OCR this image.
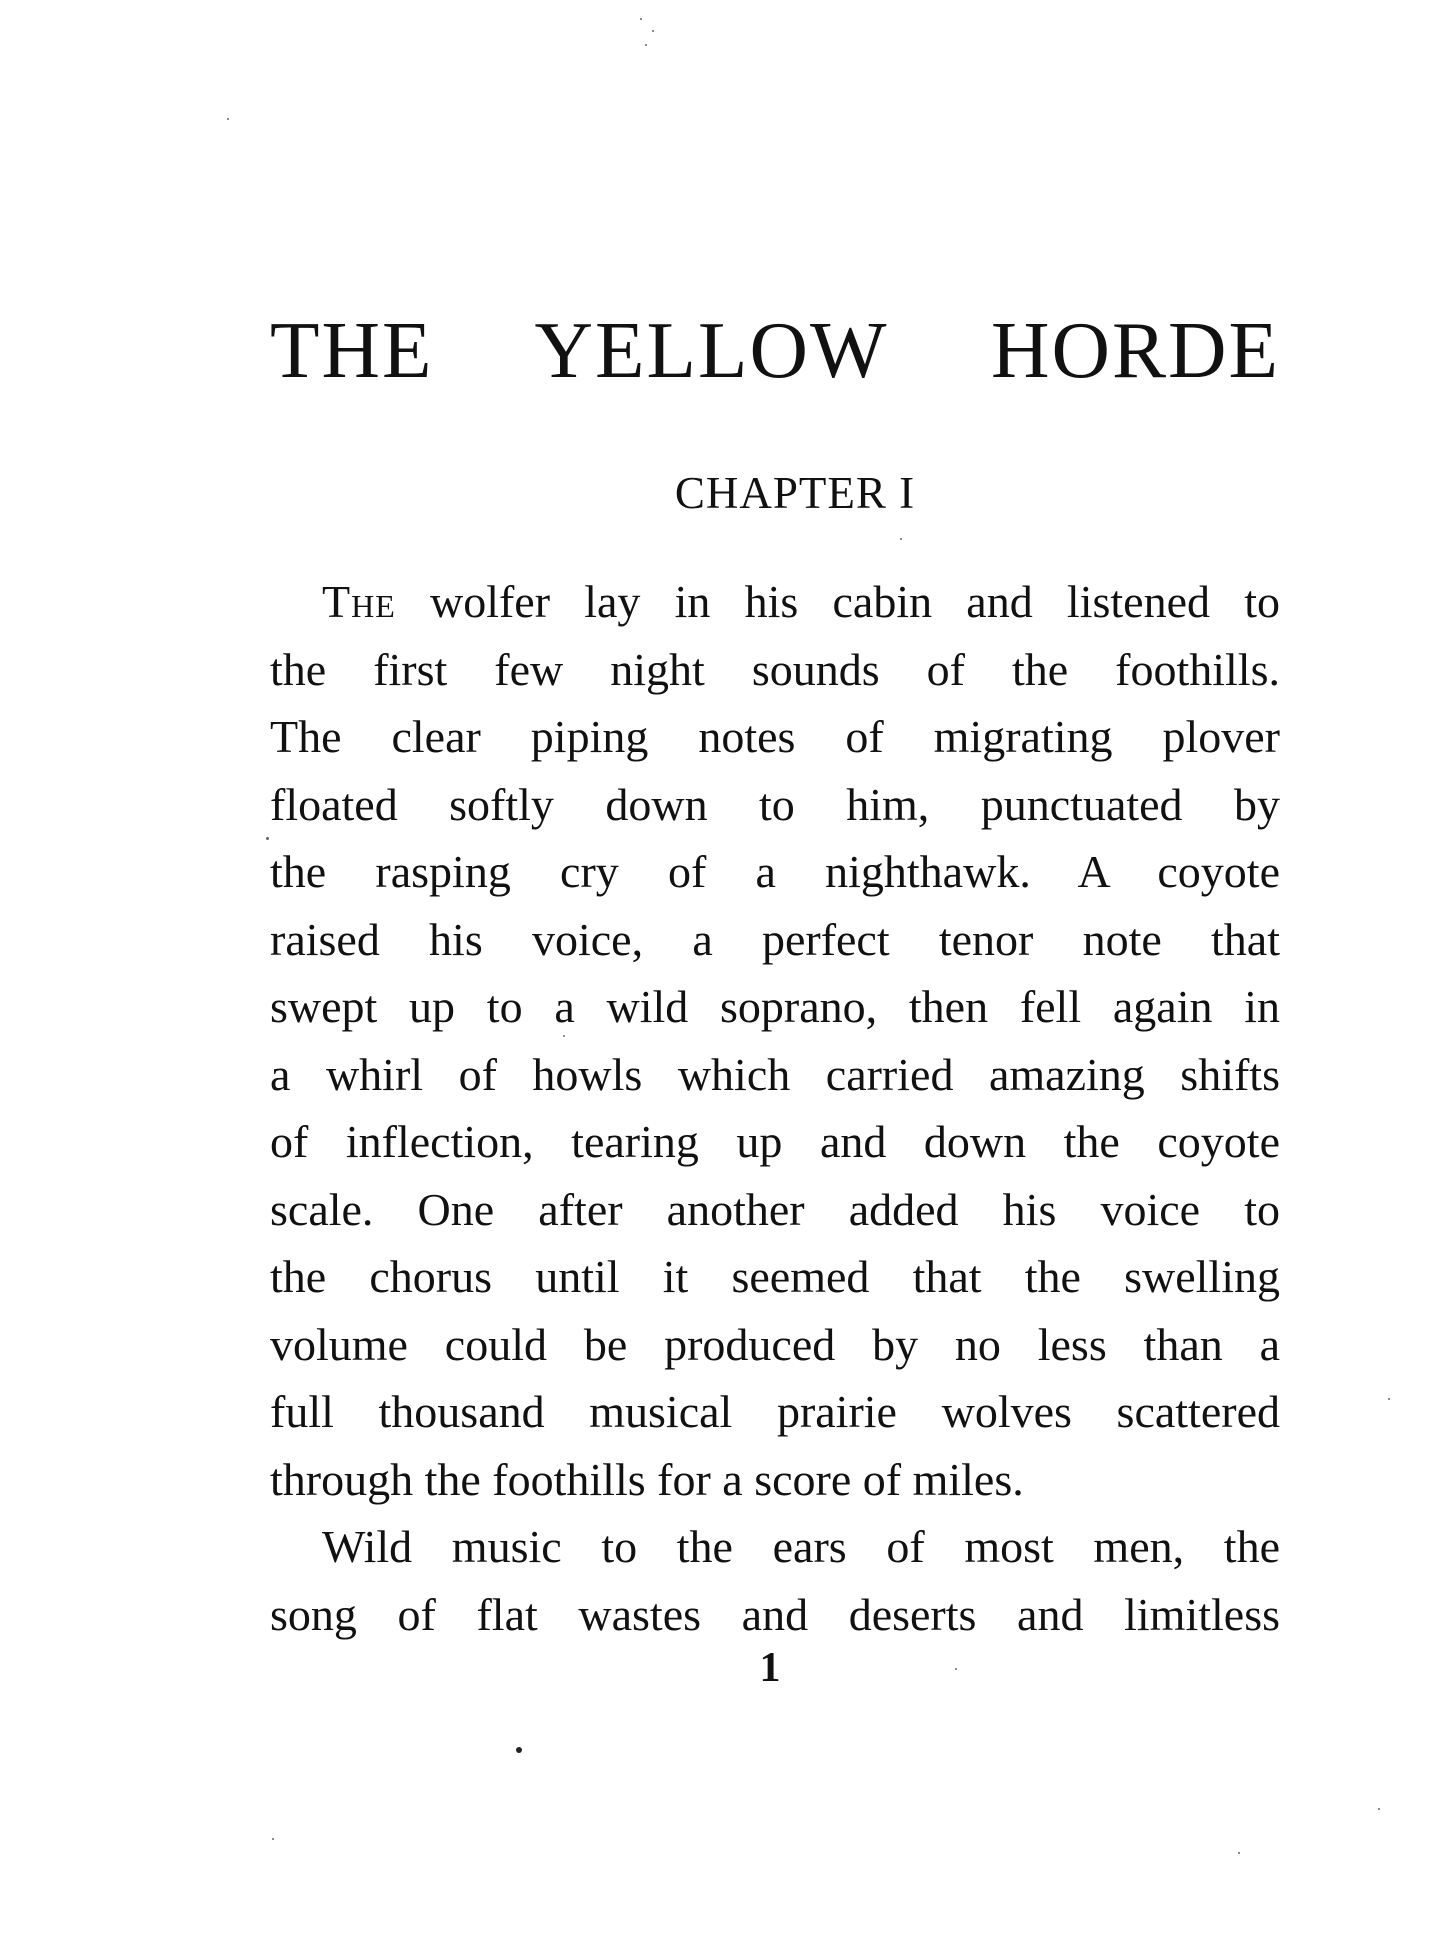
THE YELLOW HORDE
CHAPTER I
The wolfer lay in his cabin and listened to
the first few night sounds of the foothills.
The clear piping notes of migrating plover
floated softly down to him, punctuated by
the rasping cry of a nighthawk. A coyote
raised his voice, a perfect tenor note that
swept up to a wild soprano, then fell again in
a whirl of howls which carried amazing shifts
of inflection, tearing up and down the coyote
scale. One after another added his voice to
the chorus until it seemed that the swelling
volume could be produced by no less than a
full thousand musical prairie wolves scattered
through the foothills for a score of miles.
Wild music to the ears of most men, the
song of flat wastes and deserts and limitless

1
